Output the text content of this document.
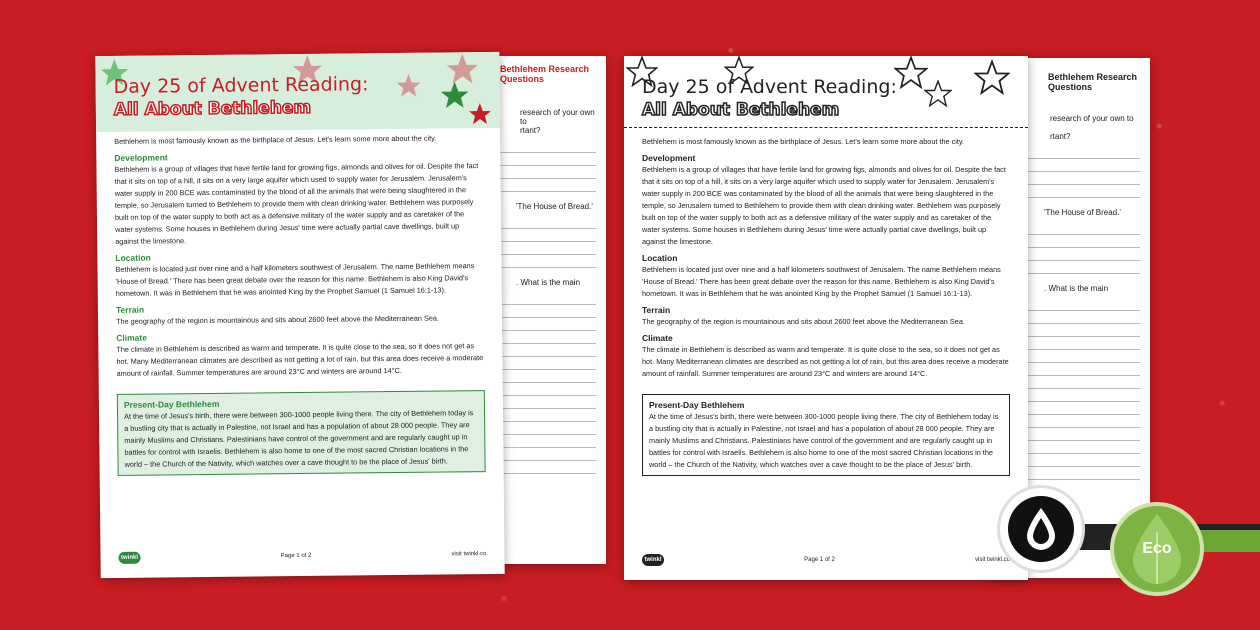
Bethlehem Research Questions
research of your own to
rtant?
'The House of Bread.'
. What is the main
Day 25 of Advent Reading:
All About Bethlehem

Bethlehem is most famously known as the birthplace of Jesus. Let's learn some more about the city.

Development

Bethlehem is a group of villages that have fertile land for growing figs, almonds and olives for oil. Despite the fact that it sits on top of a hill, it sits on a very large aquifer which used to supply water for Jerusalem. Jerusalem's water supply in 200 BCE was contaminated by the blood of all the animals that were being slaughtered in the temple, so Jerusalem turned to Bethlehem to provide them with clean drinking water. Bethlehem was purposely built on top of the water supply to both act as a defensive military of the water supply and as caretaker of the water systems. Some houses in Bethlehem during Jesus' time were actually partial cave dwellings, built up against the limestone.

Location

Bethlehem is located just over nine and a half kilometers southwest of Jerusalem. The name Bethlehem means 'House of Bread.' There has been great debate over the reason for this name. Bethlehem is also King David's hometown. It was in Bethlehem that he was anointed King by the Prophet Samuel (1 Samuel 16:1-13).

Terrain

The geography of the region is mountainous and sits about 2600 feet above the Mediterranean Sea.

Climate

The climate in Bethlehem is described as warm and temperate. It is quite close to the sea, so it does not get as hot. Many Mediterranean climates are described as not getting a lot of rain, but this area does receive a moderate amount of rainfall. Summer temperatures are around 23°C and winters are around 14°C.

Present-Day Bethlehem
At the time of Jesus's birth, there were between 300-1000 people living there. The city of Bethlehem today is a bustling city that is actually in Palestine, not Israel and has a population of about 28 000 people. They are mainly Muslims and Christians. Palestinians have control of the government and are regularly caught up in battles for control with Israelis. Bethlehem is also home to one of the most sacred Christian locations in the world – the Church of the Nativity, which watches over a cave thought to be the place of Jesus' birth.
twinkl	Page 1 of 2	visit twinkl.co
Bethlehem Research Questions
research of your own to
rtant?
'The House of Bread.'
. What is the main
Day 25 of Advent Reading:
All About Bethlehem

Bethlehem is most famously known as the birthplace of Jesus. Let's learn some more about the city.

Development

Bethlehem is a group of villages that have fertile land for growing figs, almonds and olives for oil. Despite the fact that it sits on top of a hill, it sits on a very large aquifer which used to supply water for Jerusalem. Jerusalem's water supply in 200 BCE was contaminated by the blood of all the animals that were being slaughtered in the temple, so Jerusalem turned to Bethlehem to provide them with clean drinking water. Bethlehem was purposely built on top of the water supply to both act as a defensive military of the water supply and as caretaker of the water systems. Some houses in Bethlehem during Jesus' time were actually partial cave dwellings, built up against the limestone.

Location

Bethlehem is located just over nine and a half kilometers southwest of Jerusalem. The name Bethlehem means 'House of Bread.' There has been great debate over the reason for this name. Bethlehem is also King David's hometown. It was in Bethlehem that he was anointed King by the Prophet Samuel (1 Samuel 16:1-13).

Terrain

The geography of the region is mountainous and sits about 2600 feet above the Mediterranean Sea.

Climate

The climate in Bethlehem is described as warm and temperate. It is quite close to the sea, so it does not get as hot. Many Mediterranean climates are described as not getting a lot of rain, but this area does receive a moderate amount of rainfall. Summer temperatures are around 23°C and winters are around 14°C.

Present-Day Bethlehem
At the time of Jesus's birth, there were between 300-1000 people living there. The city of Bethlehem today is a bustling city that is actually in Palestine, not Israel and has a population of about 28 000 people. They are mainly Muslims and Christians. Palestinians have control of the government and are regularly caught up in battles for control with Israelis. Bethlehem is also home to one of the most sacred Christian locations in the world – the Church of the Nativity, which watches over a cave thought to be the place of Jesus' birth.
twinkl	Page 1 of 2	visit twinkl.co
Eco
